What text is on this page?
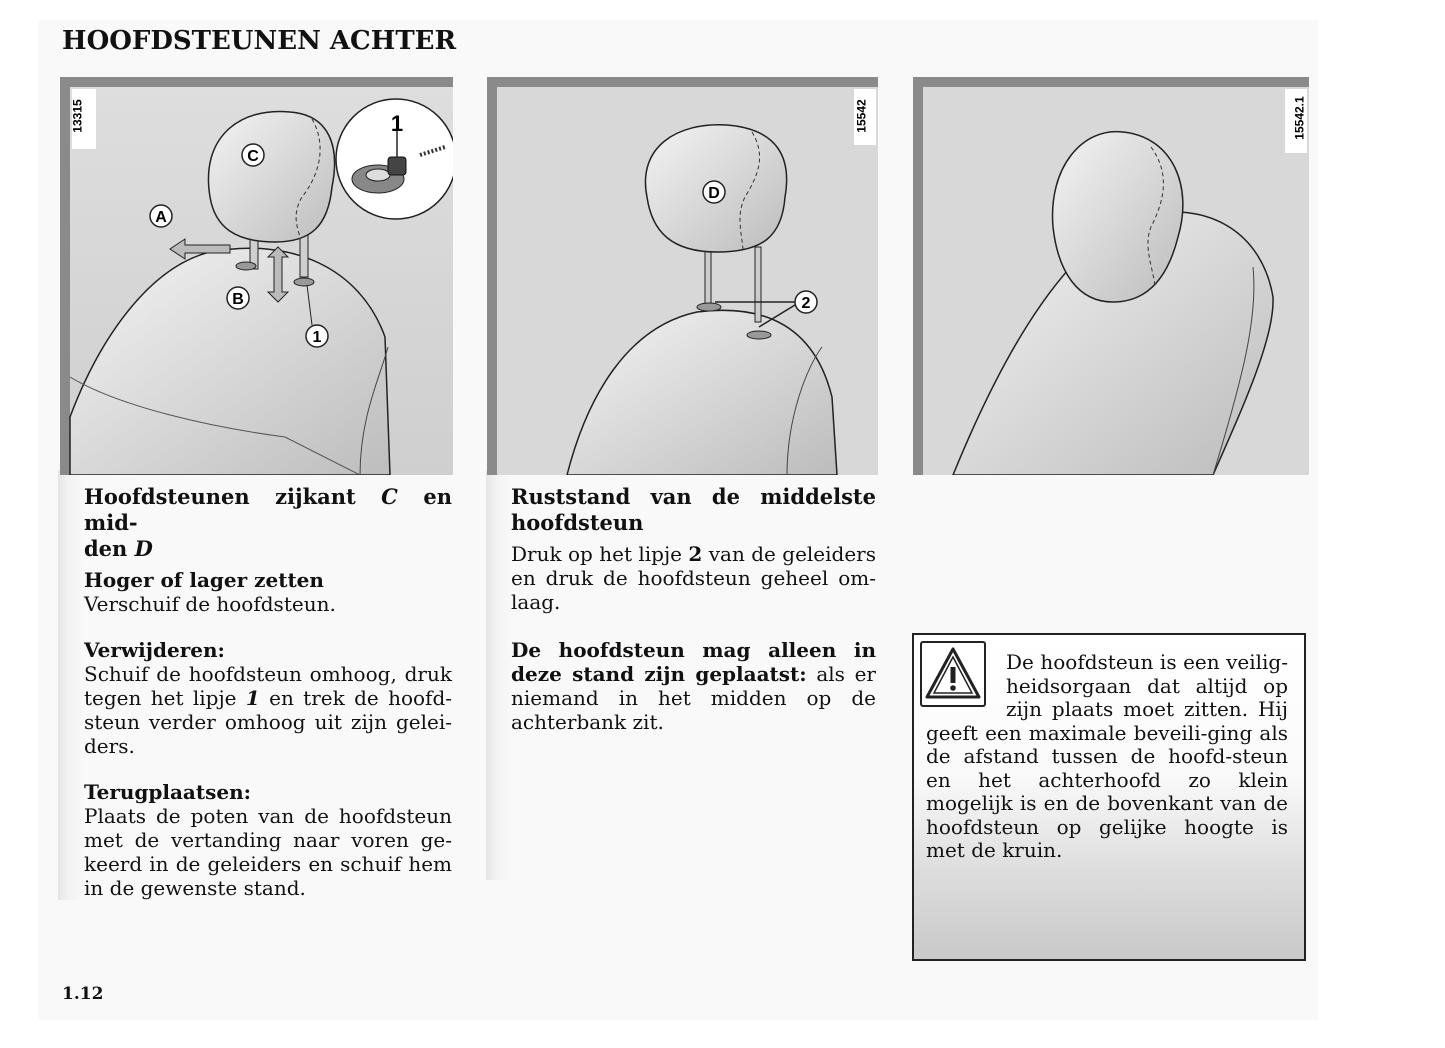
HOOFDSTEUNEN ACHTER
C
A
B
1
1
13315
D
2
15542	15542.1
Hoofdsteunen zijkant C en mid-
den D
Hoger of lager zetten

Verschuif de hoofdsteun.

Verwijderen:

Schuif de hoofdsteun omhoog, druk tegen het lipje 1 en trek de hoofd-steun verder omhoog uit zijn gelei-ders.

Terugplaatsen:

Plaats de poten van de hoofdsteun met de vertanding naar voren ge-keerd in de geleiders en schuif hem in de gewenste stand.

Ruststand van de middelste hoofdsteun

Druk op het lipje 2 van de geleiders en druk de hoofdsteun geheel om-laag.

De hoofdsteun mag alleen in deze stand zijn geplaatst: als er niemand in het midden op de achterbank zit.

De hoofdsteun is een veilig-heidsorgaan dat altijd op zijn plaats moet zitten. Hij geeft een maximale beveili-ging als de afstand tussen de hoofd-steun en het achterhoofd zo klein mogelijk is en de bovenkant van de hoofdsteun op gelijke hoogte is met de kruin.
1.12
